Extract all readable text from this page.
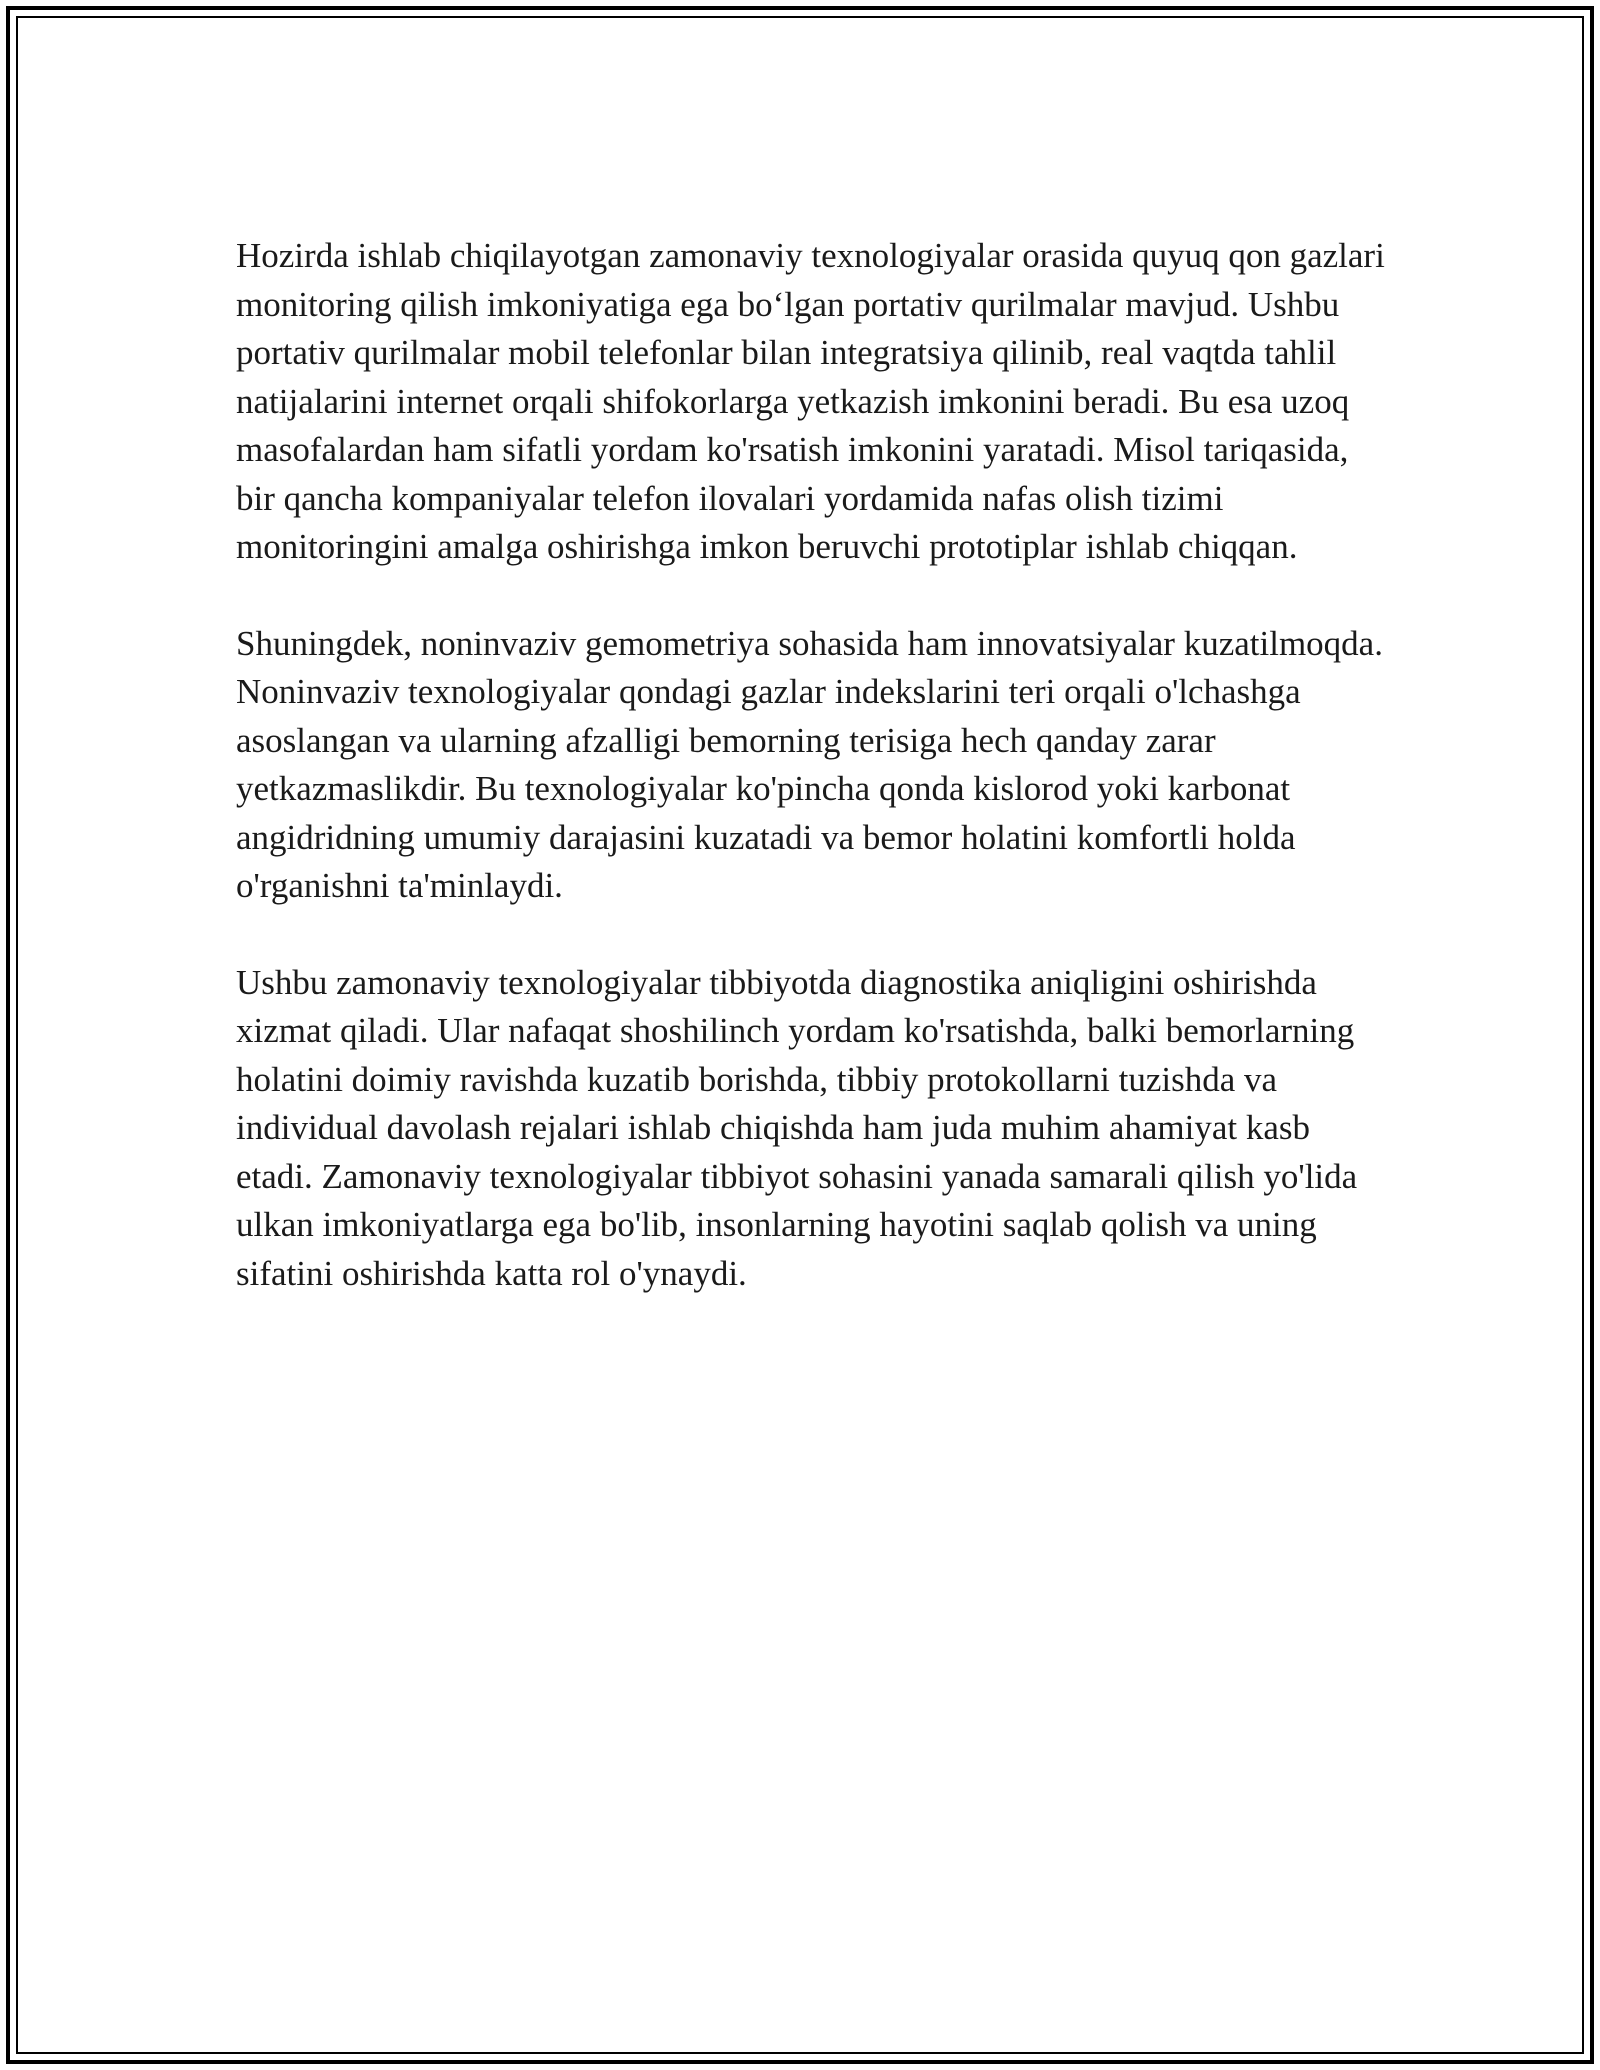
Hozirda ishlab chiqilayotgan zamonaviy texnologiyalar orasida quyuq qon gazlari monitoring qilish imkoniyatiga ega bo‘lgan portativ qurilmalar mavjud. Ushbu portativ qurilmalar mobil telefonlar bilan integratsiya qilinib, real vaqtda tahlil natijalarini internet orqali shifokorlarga yetkazish imkonini beradi. Bu esa uzoq masofalardan ham sifatli yordam ko'rsatish imkonini yaratadi. Misol tariqasida, bir qancha kompaniyalar telefon ilovalari yordamida nafas olish tizimi monitoringini amalga oshirishga imkon beruvchi prototiplar ishlab chiqqan.

Shuningdek, noninvaziv gemometriya sohasida ham innovatsiyalar kuzatilmoqda. Noninvaziv texnologiyalar qondagi gazlar indekslarini teri orqali o'lchashga asoslangan va ularning afzalligi bemorning terisiga hech qanday zarar yetkazmaslikdir. Bu texnologiyalar ko'pincha qonda kislorod yoki karbonat angidridning umumiy darajasini kuzatadi va bemor holatini komfortli holda o'rganishni ta'minlaydi.

Ushbu zamonaviy texnologiyalar tibbiyotda diagnostika aniqligini oshirishda xizmat qiladi. Ular nafaqat shoshilinch yordam ko'rsatishda, balki bemorlarning holatini doimiy ravishda kuzatib borishda, tibbiy protokollarni tuzishda va individual davolash rejalari ishlab chiqishda ham juda muhim ahamiyat kasb etadi. Zamonaviy texnologiyalar tibbiyot sohasini yanada samarali qilish yo'lida ulkan imkoniyatlarga ega bo'lib, insonlarning hayotini saqlab qolish va uning sifatini oshirishda katta rol o'ynaydi.
